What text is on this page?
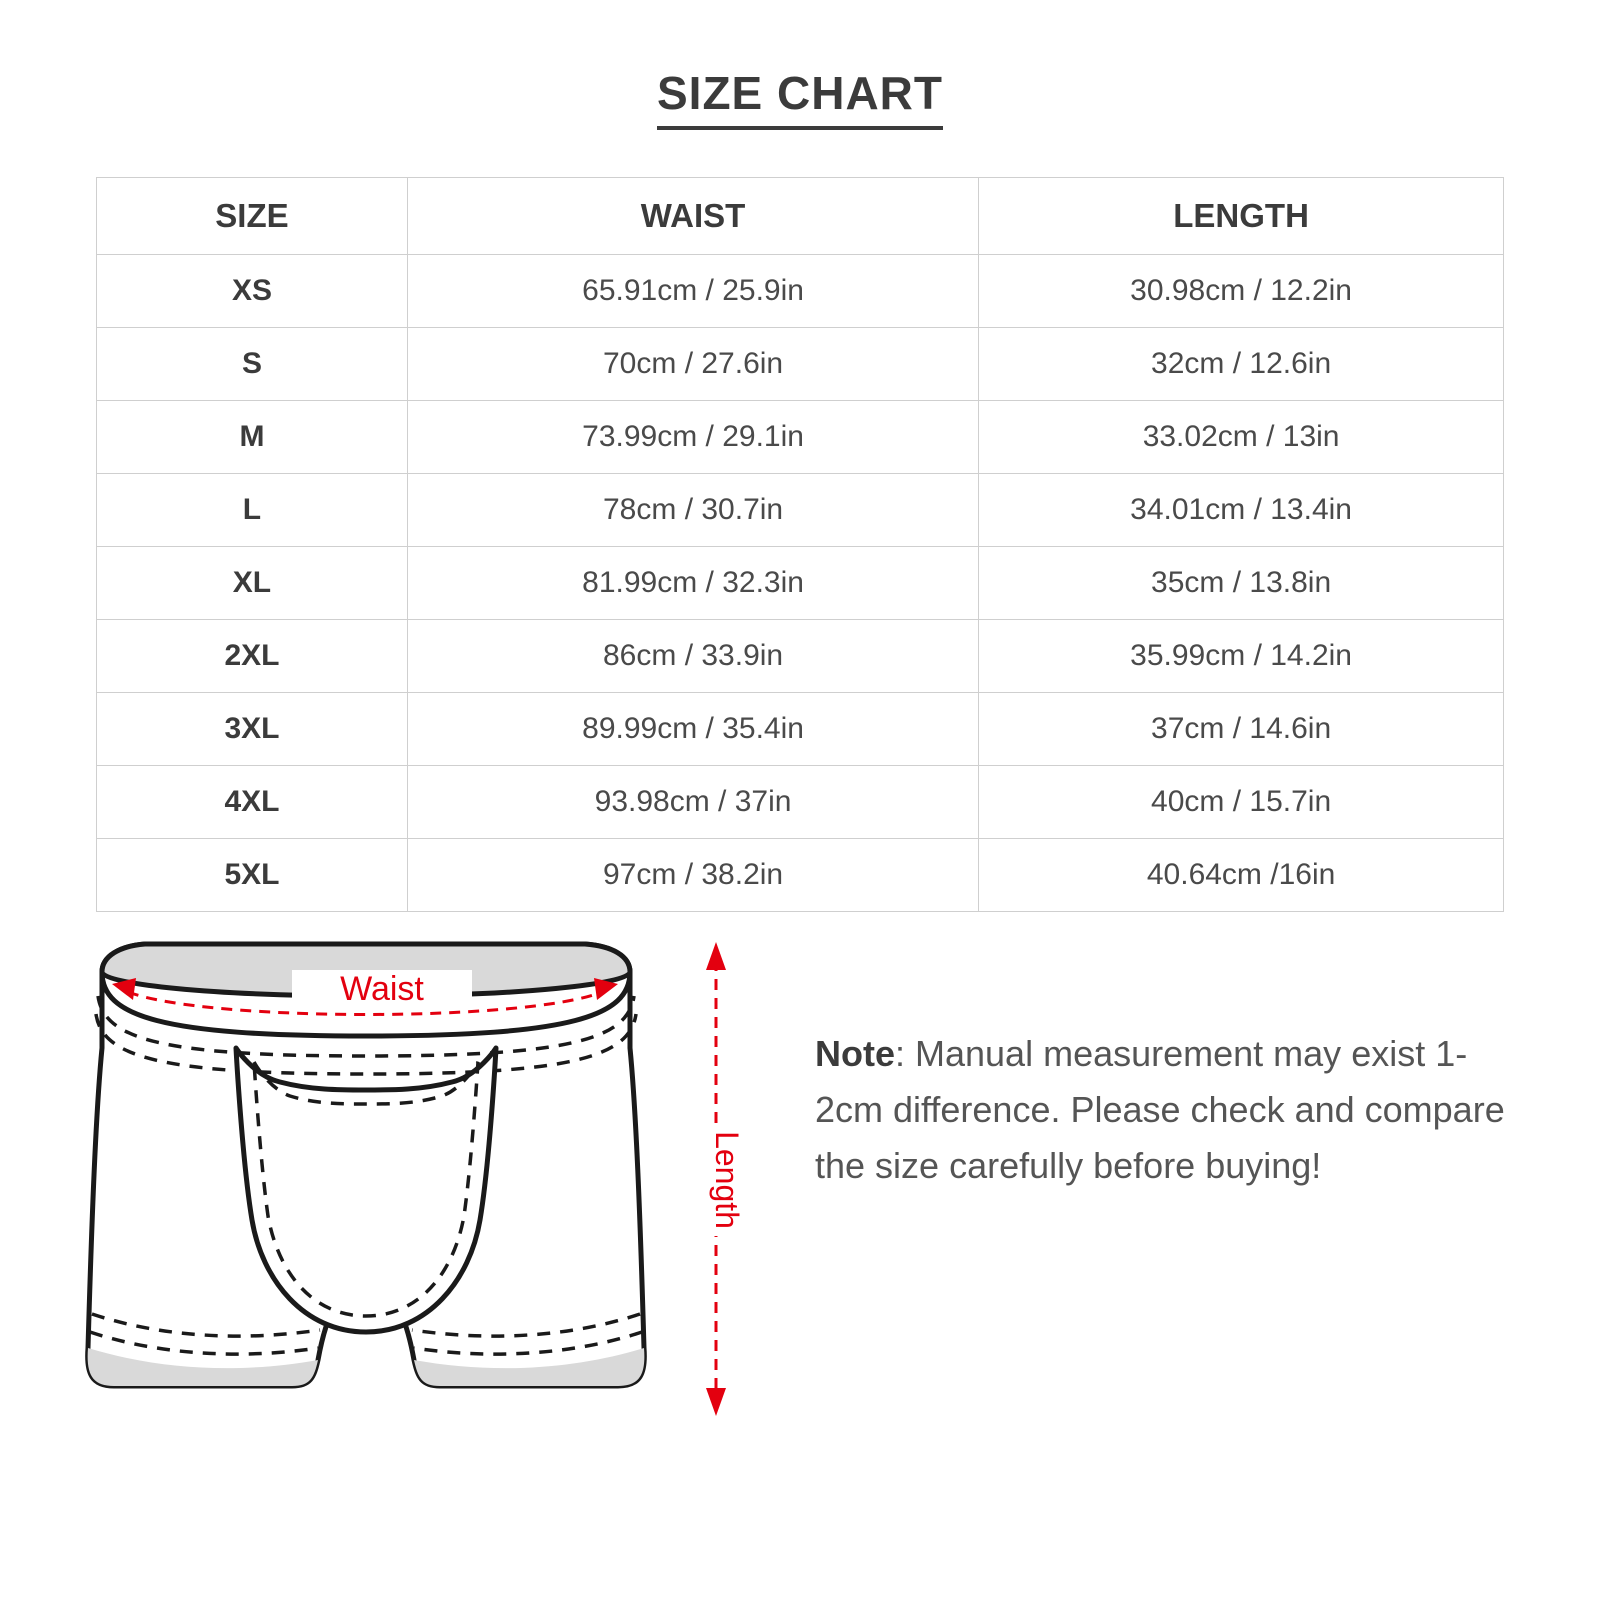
SIZE CHART
SIZE	WAIST	LENGTH
XS	65.91cm / 25.9in	30.98cm / 12.2in
S	70cm / 27.6in	32cm / 12.6in
M	73.99cm / 29.1in	33.02cm / 13in
L	78cm / 30.7in	34.01cm / 13.4in
XL	81.99cm / 32.3in	35cm / 13.8in
2XL	86cm / 33.9in	35.99cm / 14.2in
3XL	89.99cm / 35.4in	37cm / 14.6in
4XL	93.98cm / 37in	40cm / 15.7in
5XL	97cm / 38.2in	40.64cm /16in
Waist
Length
Note: Manual measurement may exist 1-2cm difference. Please check and compare the size carefully before buying!
